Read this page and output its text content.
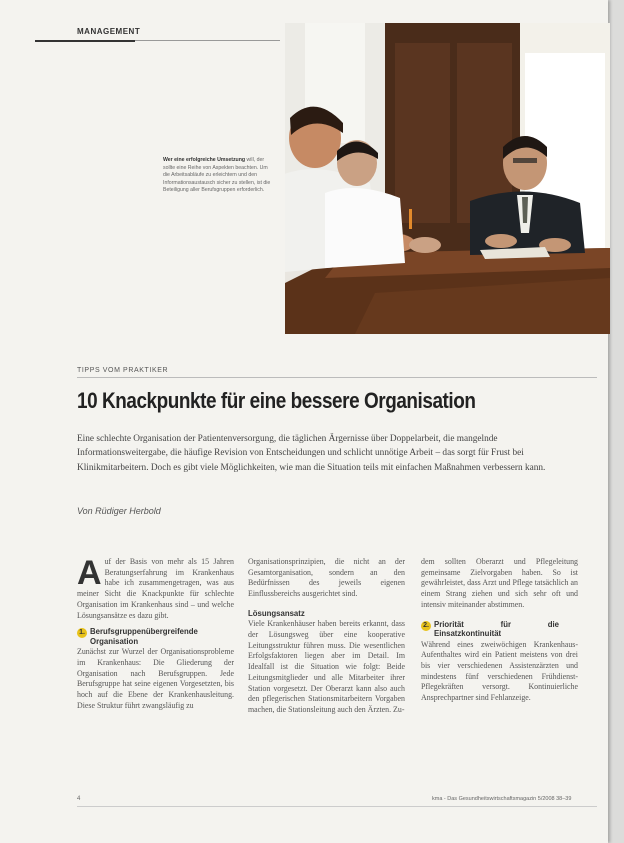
MANAGEMENT
Wer eine erfolgreiche Umsetzung will, der sollte eine Reihe von Aspekten beachten. Um die Arbeitsabläufe zu erleichtern und den Informationsaustausch sicher zu stellen, ist die Beteiligung aller Berufsgruppen erforderlich.
TIPPS VOM PRAKTIKER
10 Knackpunkte für eine bessere Organisation
Eine schlechte Organisation der Patientenversorgung, die täglichen Ärgernisse über Doppelarbeit, die mangelnde Informationsweitergabe, die häufige Revision von Entscheidungen und schlicht unnötige Arbeit – das sorgt für Frust bei Klinikmitarbeitern. Doch es gibt viele Möglichkeiten, wie man die Situation teils mit einfachen Maßnahmen verbessern kann.
Von Rüdiger Herbold

Auf der Basis von mehr als 15 Jahren Beratungserfahrung im Krankenhaus habe ich zusammengetragen, was aus meiner Sicht die Knackpunkte für schlechte Organisation im Krankenhaus sind – und welche Lösungsansätze es dazu gibt.

1. Berufsgruppenübergreifende Organisation

Zunächst zur Wurzel der Organisationsprobleme im Krankenhaus: Die Gliederung der Organisation nach Berufsgruppen. Jede Berufsgruppe hat seine eigenen Vorgesetzten, bis hoch auf die Ebene der Krankenhausleitung. Diese Struktur führt zwangsläufig zu

Organisationsprinzipien, die nicht an der Gesamtorganisation, sondern an den Bedürfnissen des jeweils eigenen Einflussbereichs ausgerichtet sind.

Lösungsansatz

Viele Krankenhäuser haben bereits erkannt, dass der Lösungsweg über eine kooperative Leitungsstruktur führen muss. Die wesentlichen Erfolgsfaktoren liegen aber im Detail. Im Idealfall ist die Situation wie folgt: Beide Leitungsmitglieder und alle Mitarbeiter ihrer Station vorgesetzt. Der Oberarzt kann also auch den pflegerischen Stationsmitarbeitern Vorgaben machen, die Stationsleitung auch den Ärzten. Zu-

dem sollten Oberarzt und Pflegeleitung gemeinsame Zielvorgaben haben. So ist gewährleistet, dass Arzt und Pflege tatsächlich an einem Strang ziehen und sich sehr oft und intensiv miteinander abstimmen.

2. Priorität für die Einsatzkontinuität

Während eines zweiwöchigen Krankenhaus-Aufenthaltes wird ein Patient meistens von drei bis vier verschiedenen Assistenzärzten und mindestens fünf verschiedenen Frühdienst-Pflegekräften versorgt. Kontinuierliche Ansprechpartner sind Fehlanzeige.

4	kma - Das Gesundheitswirtschaftsmagazin 5/2008 38–39
